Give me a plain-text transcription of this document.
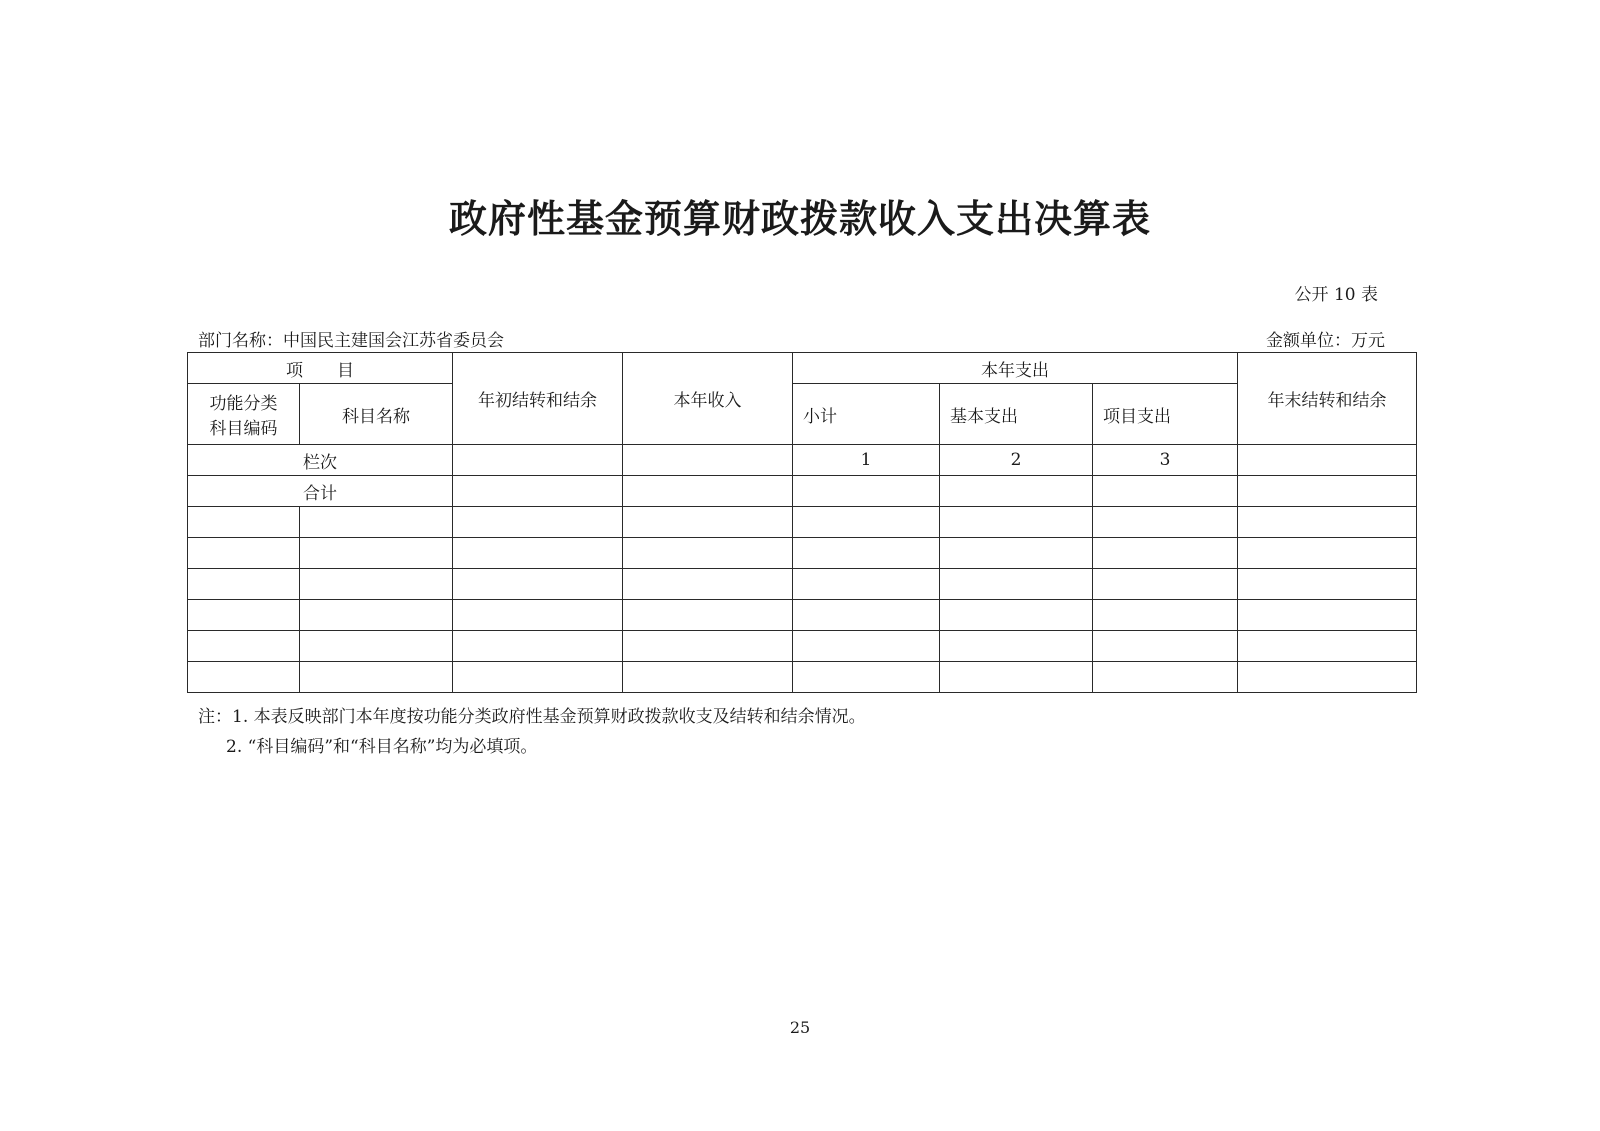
政府性基金预算财政拨款收入支出决算表
公开 10 表
部门名称：中国民主建国会江苏省委员会	金额单位：万元
项　　目		年初结转和结余	本年收入	本年支出			年末结转和结余

功能分类
科目编码	科目名称			小计	基本支出	项目支出	
栏次				1	2	3	
合计							

注：1. 本表反映部门本年度按功能分类政府性基金预算财政拨款收支及结转和结余情况。
2. “科目编码”和“科目名称”均为必填项。
25
